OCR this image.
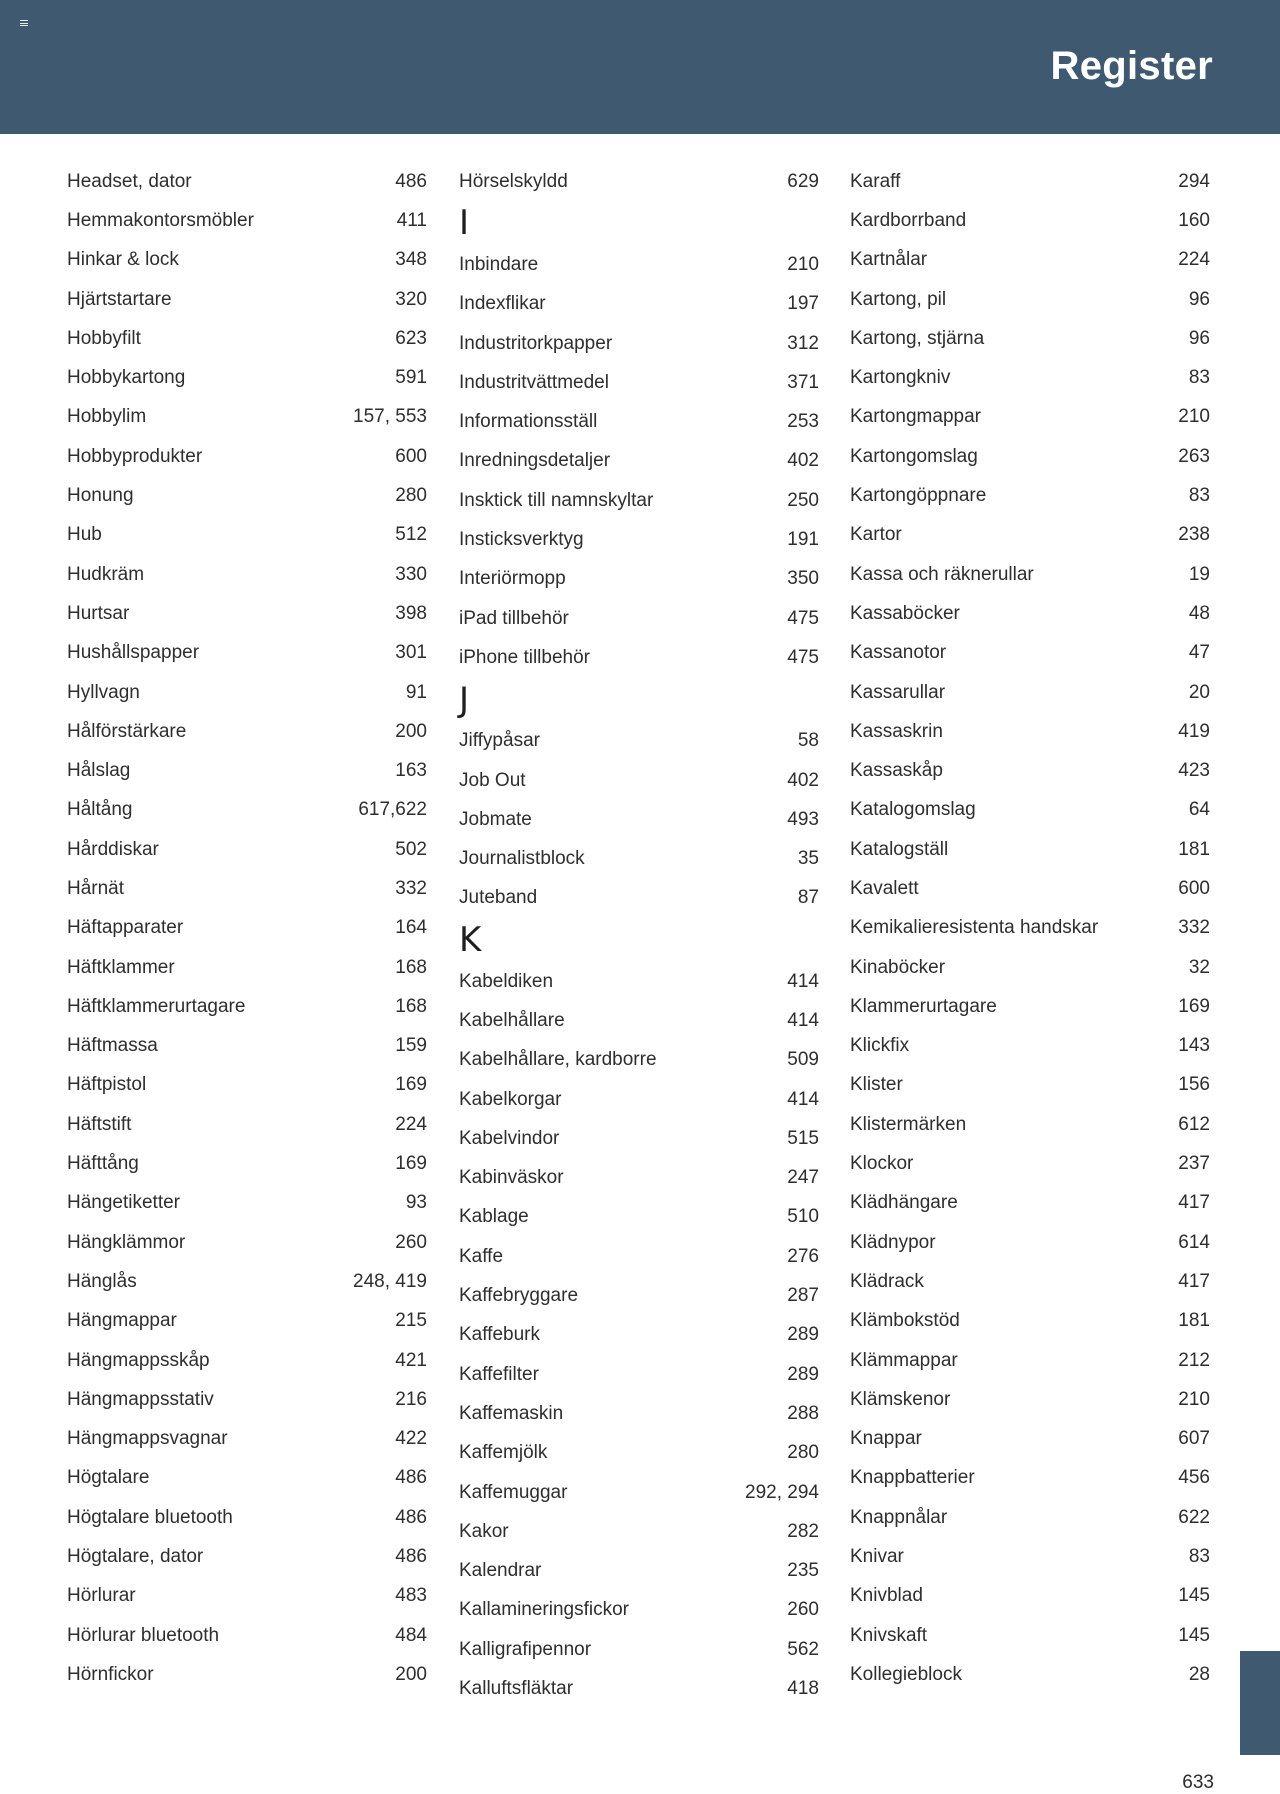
Register
Headset, dator	486
Hemmakontorsmöbler	411
Hinkar & lock	348
Hjärtstartare	320
Hobbyfilt	623
Hobbykartong	591
Hobbylim	157, 553
Hobbyprodukter	600
Honung	280
Hub	512
Hudkräm	330
Hurtsar	398
Hushållspapper	301
Hyllvagn	91
Hålförstärkare	200
Hålslag	163
Håltång	617,622
Hårddiskar	502
Hårnät	332
Häftapparater	164
Häftklammer	168
Häftklammerurtagare	168
Häftmassa	159
Häftpistol	169
Häftstift	224
Häfttång	169
Hängetiketter	93
Hängklämmor	260
Hänglås	248, 419
Hängmappar	215
Hängmappsskåp	421
Hängmappsstativ	216
Hängmappsvagnar	422
Högtalare	486
Högtalare bluetooth	486
Högtalare, dator	486
Hörlurar	483
Hörlurar bluetooth	484
Hörnfickor	200
Hörselskyldd	629
I
Inbindare	210
Indexflikar	197
Industritorkpapper	312
Industritvättmedel	371
Informationsställ	253
Inredningsdetaljer	402
Insktick till namnskyltar	250
Insticksverktyg	191
Interiörmopp	350
iPad tillbehör	475
iPhone tillbehör	475
J
Jiffypåsar	58
Job Out	402
Jobmate	493
Journalistblock	35
Juteband	87
K
Kabeldiken	414
Kabelhållare	414
Kabelhållare, kardborre	509
Kabelkorgar	414
Kabelvindor	515
Kabinväskor	247
Kablage	510
Kaffe	276
Kaffebryggare	287
Kaffeburk	289
Kaffefilter	289
Kaffemaskin	288
Kaffemjölk	280
Kaffemuggar	292, 294
Kakor	282
Kalendrar	235
Kallamineringsfickor	260
Kalligrafipennor	562
Kalluftsfläktar	418
Karaff	294
Kardborrband	160
Kartnålar	224
Kartong, pil	96
Kartong, stjärna	96
Kartongkniv	83
Kartongmappar	210
Kartongomslag	263
Kartongöppnare	83
Kartor	238
Kassa och räknerullar	19
Kassaböcker	48
Kassanotor	47
Kassarullar	20
Kassaskrin	419
Kassaskåp	423
Katalogomslag	64
Katalogställ	181
Kavalett	600
Kemikalieresistenta handskar	332
Kinaböcker	32
Klammerurtagare	169
Klickfix	143
Klister	156
Klistermärken	612
Klockor	237
Klädhängare	417
Klädnypor	614
Klädrack	417
Klämbokstöd	181
Klämmappar	212
Klämskenor	210
Knappar	607
Knappbatterier	456
Knappnålar	622
Knivar	83
Knivblad	145
Knivskaft	145
Kollegieblock	28
633
